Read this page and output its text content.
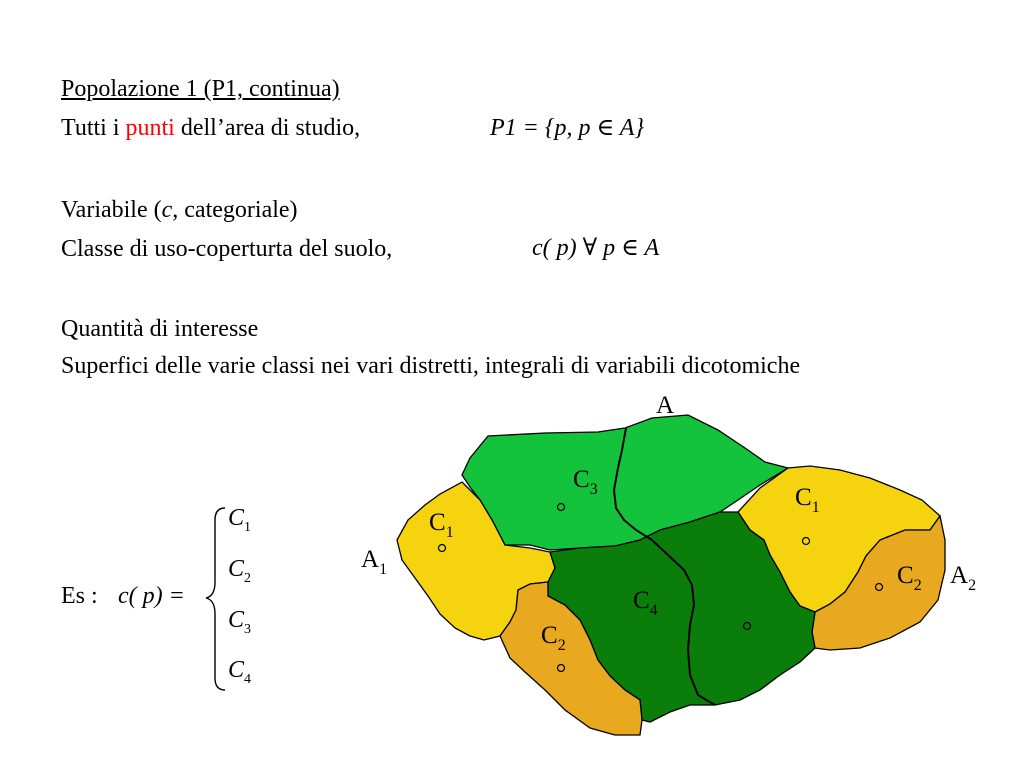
Popolazione 1 (P1, continua)
Tutti i punti dell’area di studio,	P1 = {p, p ∈ A}
Variabile (c, categoriale)
Classe di uso-coperturta del suolo,	c( p) ∀ p ∈ A
Quantità di interesse
Superfici delle varie classi nei vari distretti, integrali di variabili dicotomiche
Es : c( p) =
$C_1$
$C_2$
$C_3$
$C_4$
A
$A_1$	$A_2$
$C_3$
$C_1$
$C_1$
$C_2$
$C_4$
$C_2$
